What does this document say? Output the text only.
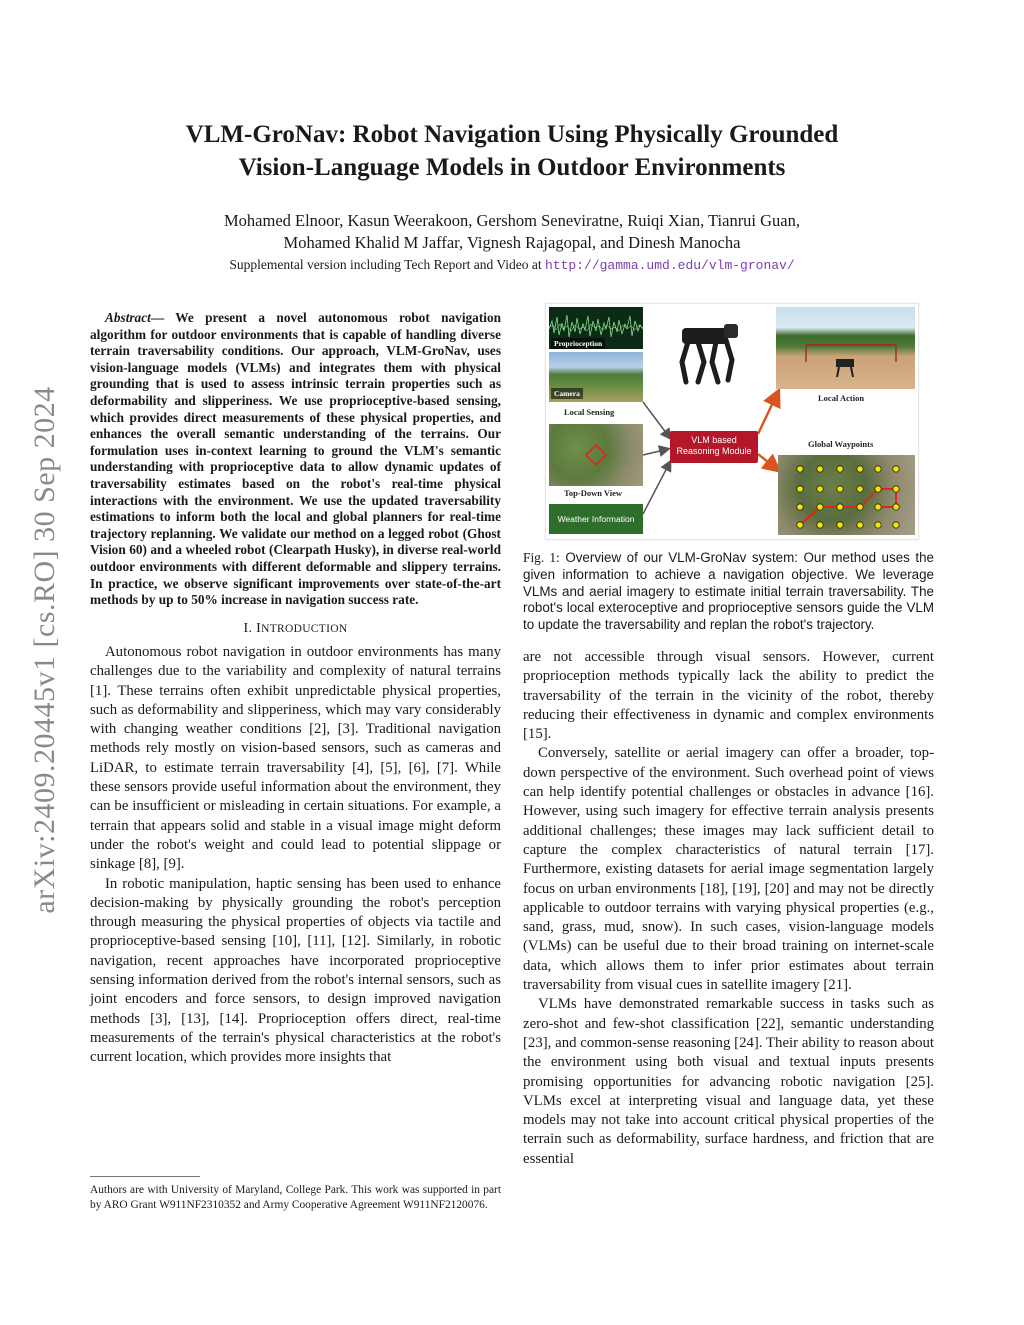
arXiv:2409.20445v1 [cs.RO] 30 Sep 2024
VLM-GroNav: Robot Navigation Using Physically Grounded
Vision-Language Models in Outdoor Environments
Mohamed Elnoor, Kasun Weerakoon, Gershom Seneviratne, Ruiqi Xian, Tianrui Guan,
Mohamed Khalid M Jaffar, Vignesh Rajagopal, and Dinesh Manocha
Supplemental version including Tech Report and Video at http://gamma.umd.edu/vlm-gronav/

Abstract— We present a novel autonomous robot navigation algorithm for outdoor environments that is capable of handling diverse terrain traversability conditions. Our approach, VLM-GroNav, uses vision-language models (VLMs) and integrates them with physical grounding that is used to assess intrinsic terrain properties such as deformability and slipperiness. We use proprioceptive-based sensing, which provides direct measurements of these physical properties, and enhances the overall semantic understanding of the terrains. Our formulation uses in-context learning to ground the VLM's semantic understanding with proprioceptive data to allow dynamic updates of traversability estimates based on the robot's real-time physical interactions with the environment. We use the updated traversability estimations to inform both the local and global planners for real-time trajectory replanning. We validate our method on a legged robot (Ghost Vision 60) and a wheeled robot (Clearpath Husky), in diverse real-world outdoor environments with different deformable and slippery terrains. In practice, we observe significant improvements over state-of-the-art methods by up to 50% increase in navigation success rate.

I. INTRODUCTION

Autonomous robot navigation in outdoor environments has many challenges due to the variability and complexity of natural terrains [1]. These terrains often exhibit unpredictable physical properties, such as deformability and slipperiness, which may vary considerably with changing weather conditions [2], [3]. Traditional navigation methods rely mostly on vision-based sensors, such as cameras and LiDAR, to estimate terrain traversability [4], [5], [6], [7]. While these sensors provide useful information about the environment, they can be insufficient or misleading in certain situations. For example, a terrain that appears solid and stable in a visual image might deform under the robot's weight and could lead to potential slippage or sinkage [8], [9].

In robotic manipulation, haptic sensing has been used to enhance decision-making by physically grounding the robot's perception through measuring the physical properties of objects via tactile and proprioceptive-based sensing [10], [11], [12]. Similarly, in robotic navigation, recent approaches have incorporated proprioceptive sensing information derived from the robot's internal sensors, such as joint encoders and force sensors, to design improved navigation methods [3], [13], [14]. Proprioception offers direct, real-time measurements of the terrain's physical characteristics at the robot's current location, which provides more insights that

Authors are with University of Maryland, College Park. This work was supported in part by ARO Grant W911NF2310352 and Army Cooperative Agreement W911NF2120076.
Proprioception
Camera
Local Sensing
Top-Down View
Weather Information
VLM based
Reasoning Module
Local Action
Global Waypoints
Fig. 1: Overview of our VLM-GroNav system: Our method uses the given information to achieve a navigation objective. We leverage VLMs and aerial imagery to estimate initial terrain traversability. The robot's local exteroceptive and proprioceptive sensors guide the VLM to update the traversability and replan the robot's trajectory.

are not accessible through visual sensors. However, current proprioception methods typically lack the ability to predict the traversability of the terrain in the vicinity of the robot, thereby reducing their effectiveness in dynamic and complex environments [15].

Conversely, satellite or aerial imagery can offer a broader, top-down perspective of the environment. Such overhead point of views can help identify potential challenges or obstacles in advance [16]. However, using such imagery for effective terrain analysis presents additional challenges; these images may lack sufficient detail to capture the complex characteristics of natural terrain [17]. Furthermore, existing datasets for aerial image segmentation largely focus on urban environments [18], [19], [20] and may not be directly applicable to outdoor terrains with varying physical properties (e.g., sand, grass, mud, snow). In such cases, vision-language models (VLMs) can be useful due to their broad training on internet-scale data, which allows them to infer prior estimates about terrain traversability from visual cues in satellite imagery [21].

VLMs have demonstrated remarkable success in tasks such as zero-shot and few-shot classification [22], semantic understanding [23], and common-sense reasoning [24]. Their ability to reason about the environment using both visual and textual inputs presents promising opportunities for advancing robotic navigation [25]. VLMs excel at interpreting visual and language data, yet these models may not take into account critical physical properties of the terrain such as deformability, surface hardness, and friction that are essential
